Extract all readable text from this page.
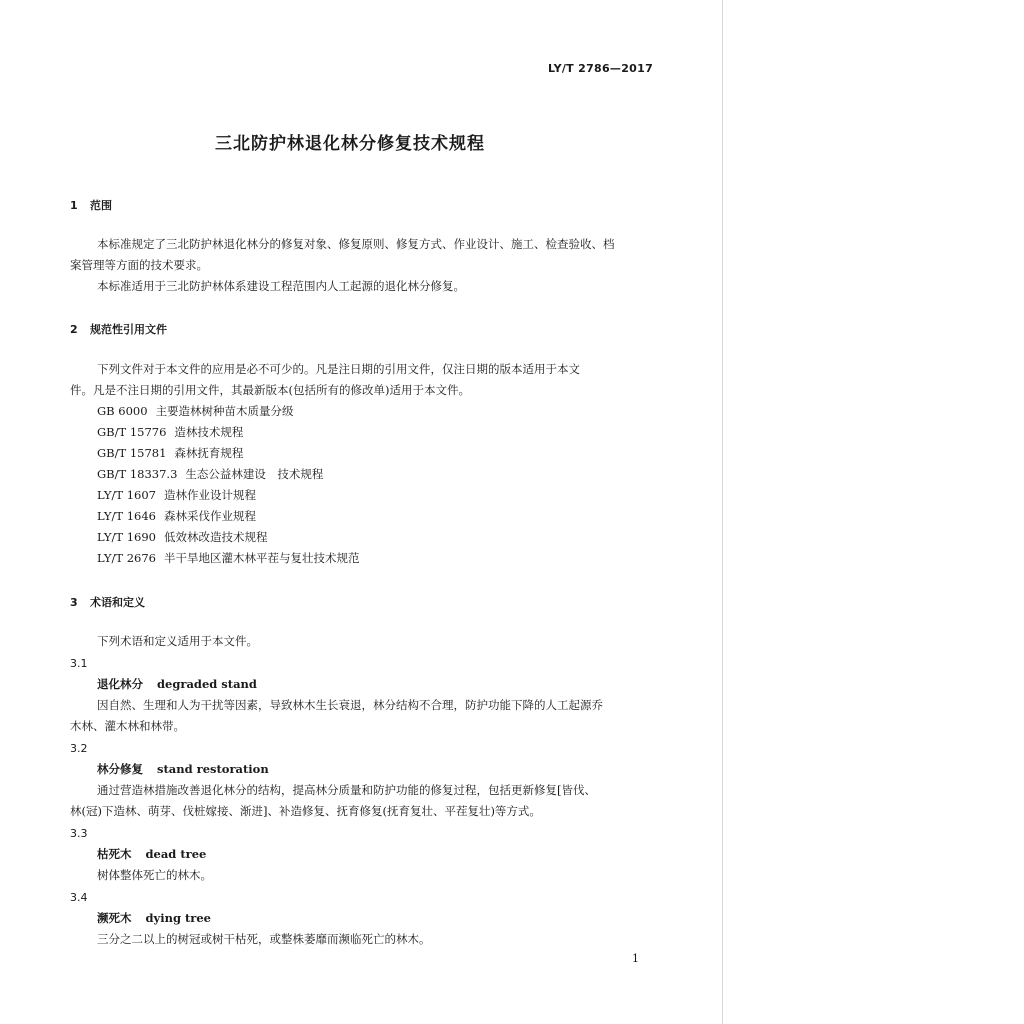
LY/T 2786—2017
三北防护林退化林分修复技术规程
1 范围
本标准规定了三北防护林退化林分的修复对象、修复原则、修复方式、作业设计、施工、检查验收、档
案管理等方面的技术要求。
本标准适用于三北防护林体系建设工程范围内人工起源的退化林分修复。
2 规范性引用文件
下列文件对于本文件的应用是必不可少的。凡是注日期的引用文件，仅注日期的版本适用于本文
件。凡是不注日期的引用文件，其最新版本(包括所有的修改单)适用于本文件。
GB 6000 主要造林树种苗木质量分级
GB/T 15776 造林技术规程
GB/T 15781 森林抚育规程
GB/T 18337.3 生态公益林建设　技术规程
LY/T 1607 造林作业设计规程
LY/T 1646 森林采伐作业规程
LY/T 1690 低效林改造技术规程
LY/T 2676 半干旱地区灌木林平茬与复壮技术规范
3 术语和定义
下列术语和定义适用于本文件。
3.1
退化林分 degraded stand
因自然、生理和人为干扰等因素，导致林木生长衰退，林分结构不合理，防护功能下降的人工起源乔
木林、灌木林和林带。
3.2
林分修复 stand restoration
通过营造林措施改善退化林分的结构，提高林分质量和防护功能的修复过程，包括更新修复[皆伐、
林(冠)下造林、萌芽、伐桩嫁接、渐进]、补造修复、抚育修复(抚育复壮、平茬复壮)等方式。
3.3
枯死木 dead tree
树体整体死亡的林木。
3.4
濒死木 dying tree
三分之二以上的树冠或树干枯死，或整株萎靡而濒临死亡的林木。
1
